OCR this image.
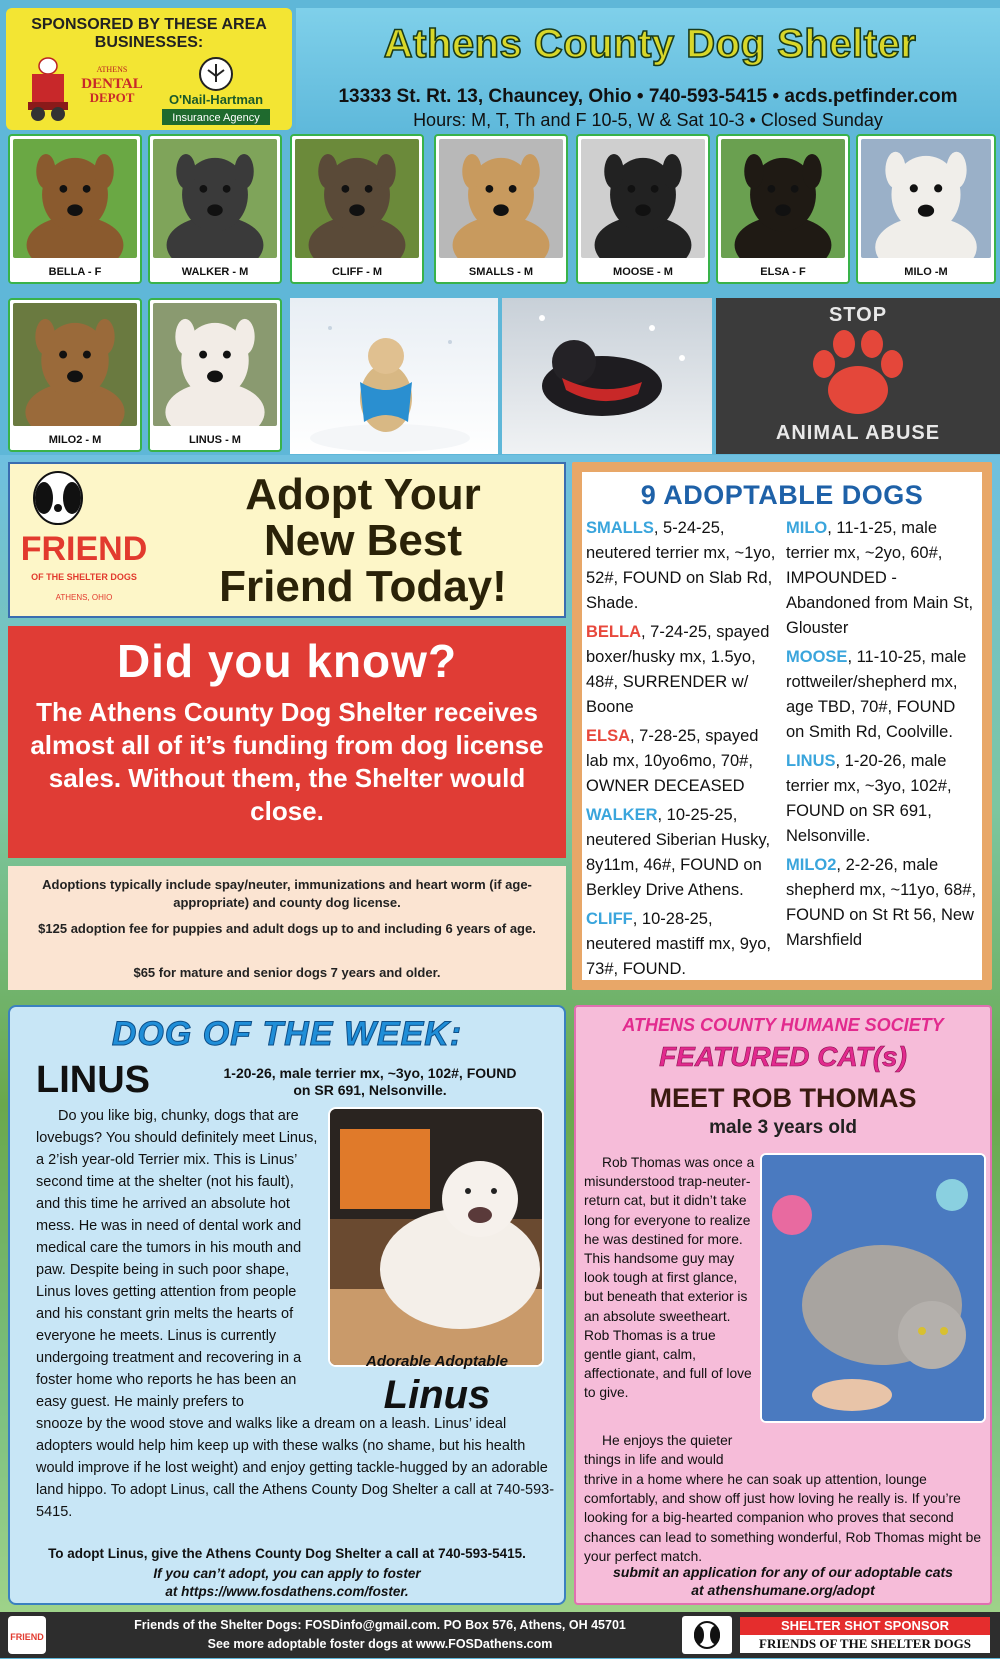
SPONSORED BY THESE AREA BUSINESSES:
ATHENS
DENTAL
DEPOT	O'Nail-Hartman
Insurance Agency
Athens County Dog Shelter
13333 St. Rt. 13, Chauncey, Ohio • 740-593-5415 • acds.petfinder.com
Hours: M, T, Th and F 10-5, W & Sat 10-3 • Closed Sunday
BELLA - F	WALKER - M	CLIFF - M	SMALLS - M	MOOSE - M	ELSA - F	MILO -M
MILO2 - M	LINUS - M
STOP
ANIMAL ABUSE
FRIEND
OF THE SHELTER DOGS
ATHENS, OHIO
Adopt Your
New Best
Friend Today!
Did you know?
The Athens County Dog Shelter receives almost all of it’s funding from dog license sales. Without them, the Shelter would close.

Adoptions typically include spay/neuter, immunizations and heart worm (if age-appropriate) and county dog license.

$125 adoption fee for puppies and adult dogs up to and including 6 years of age.

$65 for mature and senior dogs 7 years and older.

9 ADOPTABLE DOGS
SMALLS, 5-24-25, neutered terrier mx, ~1yo, 52#, FOUND on Slab Rd, Shade.
BELLA, 7-24-25, spayed boxer/husky mx, 1.5yo, 48#, SURRENDER w/ Boone
ELSA, 7-28-25, spayed lab mx, 10yo6mo, 70#, OWNER DECEASED
WALKER, 10-25-25, neutered Siberian Husky, 8y11m, 46#, FOUND on Berkley Drive Athens.
CLIFF, 10-28-25, neutered mastiff mx, 9yo, 73#, FOUND.
MILO, 11-1-25, male terrier mx, ~2yo, 60#, IMPOUNDED - Abandoned from Main St, Glouster
MOOSE, 11-10-25, male rottweiler/shepherd mx, age TBD, 70#, FOUND on Smith Rd, Coolville.
LINUS, 1-20-26, male terrier mx, ~3yo, 102#, FOUND on SR 691, Nelsonville.
MILO2, 2-2-26, male shepherd mx, ~11yo, 68#, FOUND on St Rt 56, New Marshfield
DOG OF THE WEEK:
LINUS	1-20-26, male terrier mx, ~3yo, 102#, FOUND on SR 691, Nelsonville.
Do you like big, chunky, dogs that are lovebugs? You should definitely meet Linus, a 2’ish year-old Terrier mix. This is Linus’ second time at the shelter (not his fault), and this time he arrived an absolute hot mess. He was in need of dental work and medical care the tumors in his mouth and paw. Despite being in such poor shape, Linus loves getting attention from people and his constant grin melts the hearts of everyone he meets. Linus is currently undergoing treatment and recovering in a foster home who reports he has been an easy guest. He mainly prefers to
Adorable Adoptable
Linus
snooze by the wood stove and walks like a dream on a leash. Linus’ ideal adopters would help him keep up with these walks (no shame, but his health would improve if he lost weight) and enjoy getting tackle-hugged by an adorable land hippo. To adopt Linus, call the Athens County Dog Shelter a call at 740-593-5415.
To adopt Linus, give the Athens County Dog Shelter a call at 740-593-5415.
If you can’t adopt, you can apply to foster
at https://www.fosdathens.com/foster.
ATHENS COUNTY HUMANE SOCIETY
FEATURED CAT(s)
MEET ROB THOMAS
male 3 years old
Rob Thomas was once a misunderstood trap-neuter-return cat, but it didn’t take long for everyone to realize he was destined for more. This handsome guy may look tough at first glance, but beneath that exterior is an absolute sweetheart. Rob Thomas is a true gentle giant, calm, affectionate, and full of love to give.
He enjoys the quieter things in life and would
thrive in a home where he can soak up attention, lounge comfortably, and show off just how loving he really is. If you’re looking for a big-hearted companion who proves that second chances can lead to something wonderful, Rob Thomas might be your perfect match.
submit an application for any of our adoptable cats
at athenshumane.org/adopt
FRIEND
Friends of the Shelter Dogs: FOSDinfo@gmail.com. PO Box 576, Athens, OH 45701
See more adoptable foster dogs at www.FOSDathens.com
SHELTER SHOT SPONSOR
FRIENDS OF THE SHELTER DOGS
